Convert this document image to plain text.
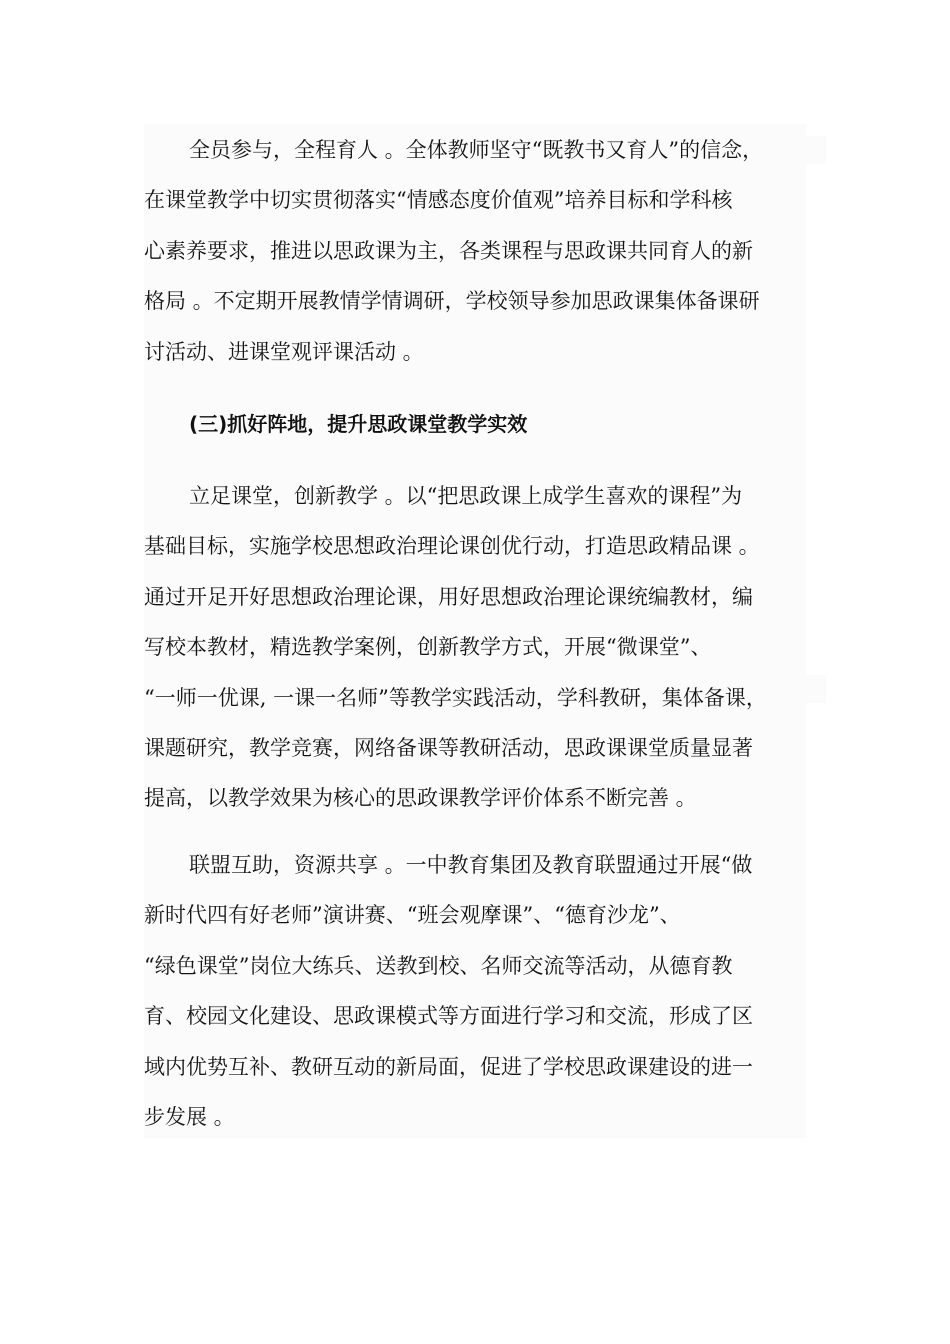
全员参与，全程育人 。全体教师坚守“既教书又育人”的信念，
在课堂教学中切实贯彻落实“情感态度价值观”培养目标和学科核
心素养要求，推进以思政课为主，各类课程与思政课共同育人的新
格局 。不定期开展教情学情调研，学校领导参加思政课集体备课研
讨活动、进课堂观评课活动 。
(三)抓好阵地，提升思政课堂教学实效
立足课堂，创新教学 。以“把思政课上成学生喜欢的课程”为
基础目标，实施学校思想政治理论课创优行动，打造思政精品课 。
通过开足开好思想政治理论课，用好思想政治理论课统编教材，编
写校本教材，精选教学案例，创新教学方式，开展“微课堂”、
“一师一优课, 一课一名师”等教学实践活动，学科教研，集体备课，
课题研究，教学竞赛，网络备课等教研活动，思政课课堂质量显著
提高，以教学效果为核心的思政课教学评价体系不断完善 。
联盟互助，资源共享 。一中教育集团及教育联盟通过开展“做
新时代四有好老师”演讲赛、“班会观摩课”、“德育沙龙”、
“绿色课堂”岗位大练兵、送教到校、名师交流等活动，从德育教
育、校园文化建设、思政课模式等方面进行学习和交流，形成了区
域内优势互补、教研互动的新局面，促进了学校思政课建设的进一
步发展 。
